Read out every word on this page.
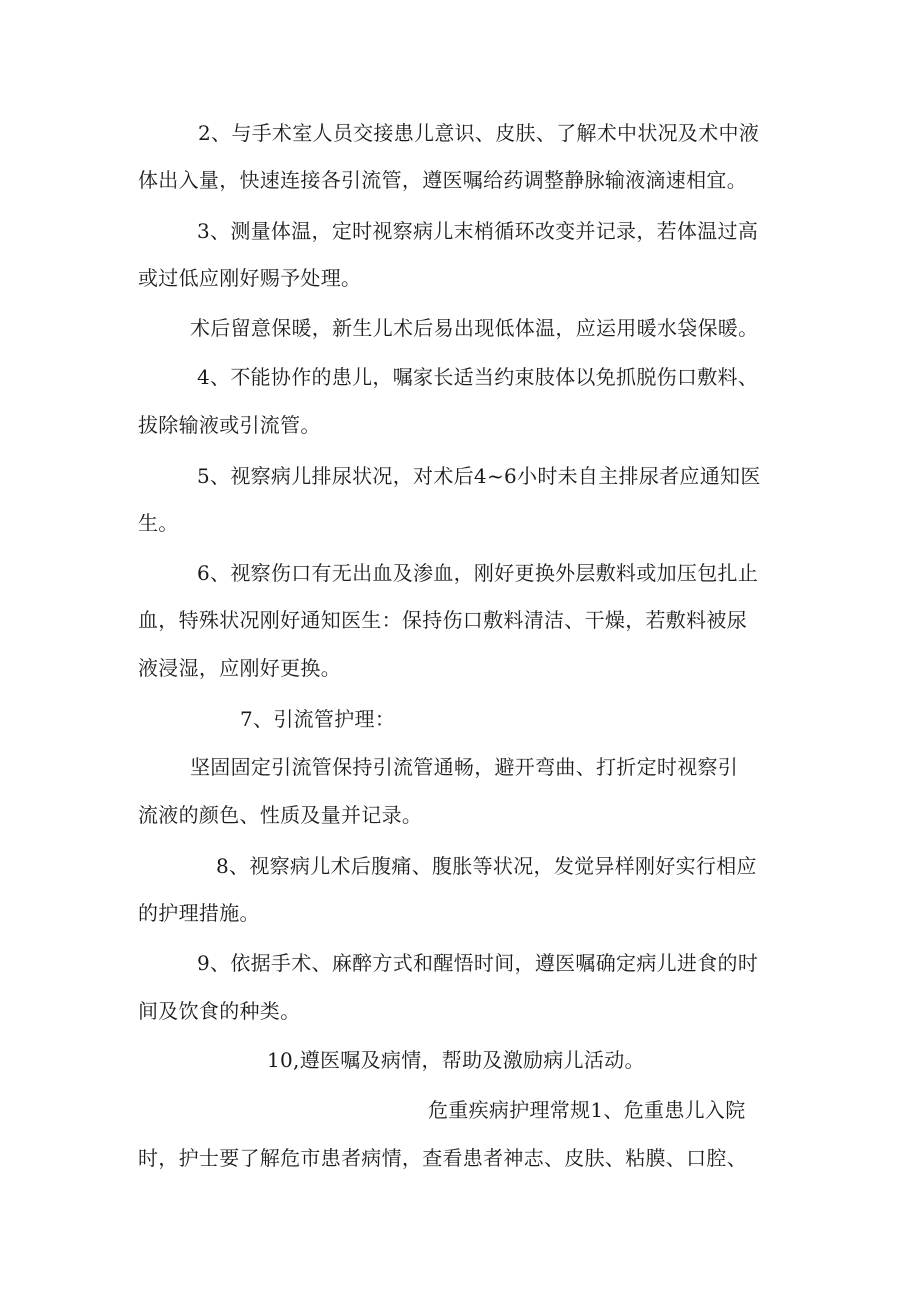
2、与手术室人员交接患儿意识、皮肤、了解术中状况及术中液
体出入量，快速连接各引流管，遵医嘱给药调整静脉输液滴速相宜。
3、测量体温，定时视察病儿末梢循环改变并记录，若体温过高
或过低应刚好赐予处理。
术后留意保暖，新生儿术后易出现低体温，应运用暖水袋保暖。
4、不能协作的患儿，嘱家长适当约束肢体以免抓脱伤口敷料、
拔除输液或引流管。
5、视察病儿排尿状况，对术后4~6小时未自主排尿者应通知医
生。
6、视察伤口有无出血及渗血，刚好更换外层敷料或加压包扎止
血，特殊状况刚好通知医生：保持伤口敷料清洁、干燥，若敷料被尿
液浸湿，应刚好更换。
7、引流管护理：
坚固固定引流管保持引流管通畅，避开弯曲、打折定时视察引
流液的颜色、性质及量并记录。
8、视察病儿术后腹痛、腹胀等状况，发觉异样刚好实行相应
的护理措施。
9、依据手术、麻醉方式和醒悟时间，遵医嘱确定病儿进食的时
间及饮食的种类。
10,遵医嘱及病情，帮助及激励病儿活动。
危重疾病护理常规1、危重患儿入院
时，护士要了解危市患者病情，查看患者神志、皮肤、粘膜、口腔、
